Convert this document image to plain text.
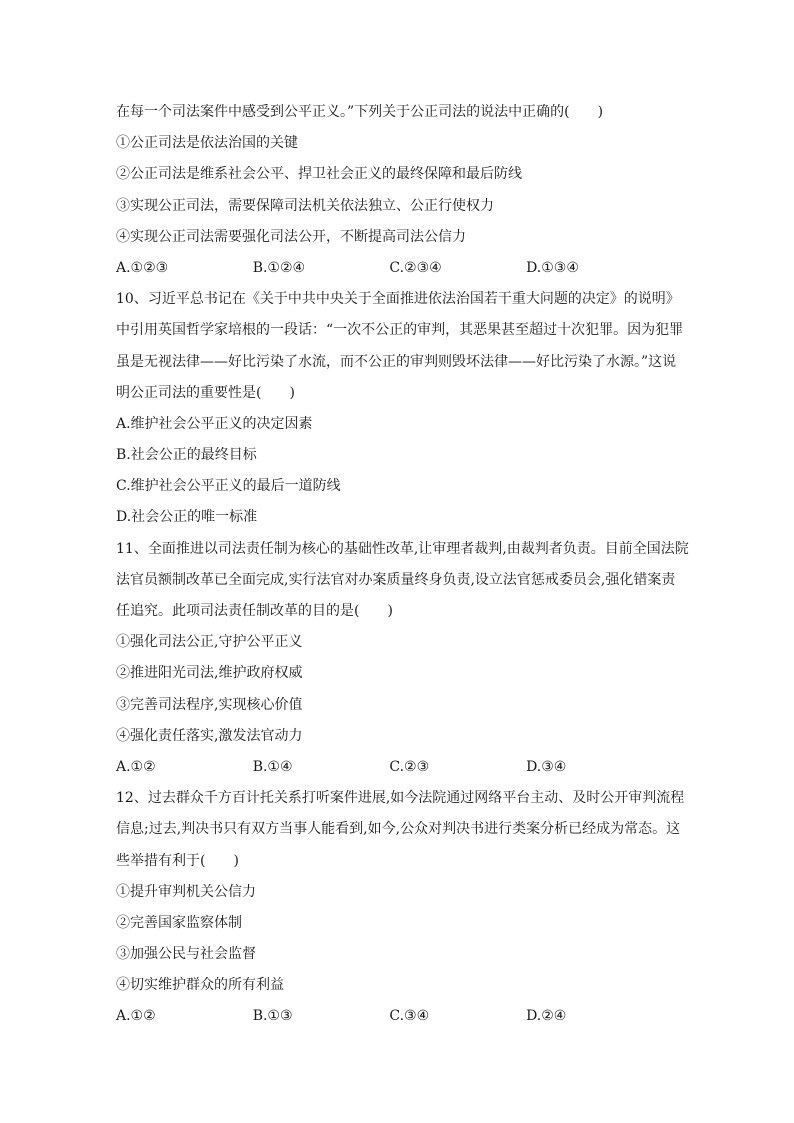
在每一个司法案件中感受到公平正义。”下列关于公正司法的说法中正确的(　　)
①公正司法是依法治国的关键
②公正司法是维系社会公平、捍卫社会正义的最终保障和最后防线
③实现公正司法，需要保障司法机关依法独立、公正行使权力
④实现公正司法需要强化司法公开，不断提高司法公信力
A.①②③	B.①②④	C.②③④	D.①③④
10、习近平总书记在《关于中共中央关于全面推进依法治国若干重大问题的决定》的说明》
中引用英国哲学家培根的一段话：“一次不公正的审判，其恶果甚至超过十次犯罪。因为犯罪
虽是无视法律——好比污染了水流，而不公正的审判则毁坏法律——好比污染了水源。”这说
明公正司法的重要性是(　　)
A.维护社会公平正义的决定因素
B.社会公正的最终目标
C.维护社会公平正义的最后一道防线
D.社会公正的唯一标准
11、全面推进以司法责任制为核心的基础性改革,让审理者裁判,由裁判者负责。目前全国法院
法官员额制改革已全面完成,实行法官对办案质量终身负责,设立法官惩戒委员会,强化错案责
任追究。此项司法责任制改革的目的是(　　)
①强化司法公正,守护公平正义
②推进阳光司法,维护政府权威
③完善司法程序,实现核心价值
④强化责任落实,激发法官动力
A.①②	B.①④	C.②③	D.③④
12、过去群众千方百计托关系打听案件进展,如今法院通过网络平台主动、及时公开审判流程
信息;过去,判决书只有双方当事人能看到,如今,公众对判决书进行类案分析已经成为常态。这
些举措有利于(　　)
①提升审判机关公信力
②完善国家监察体制
③加强公民与社会监督
④切实维护群众的所有利益
A.①②	B.①③	C.③④	D.②④
